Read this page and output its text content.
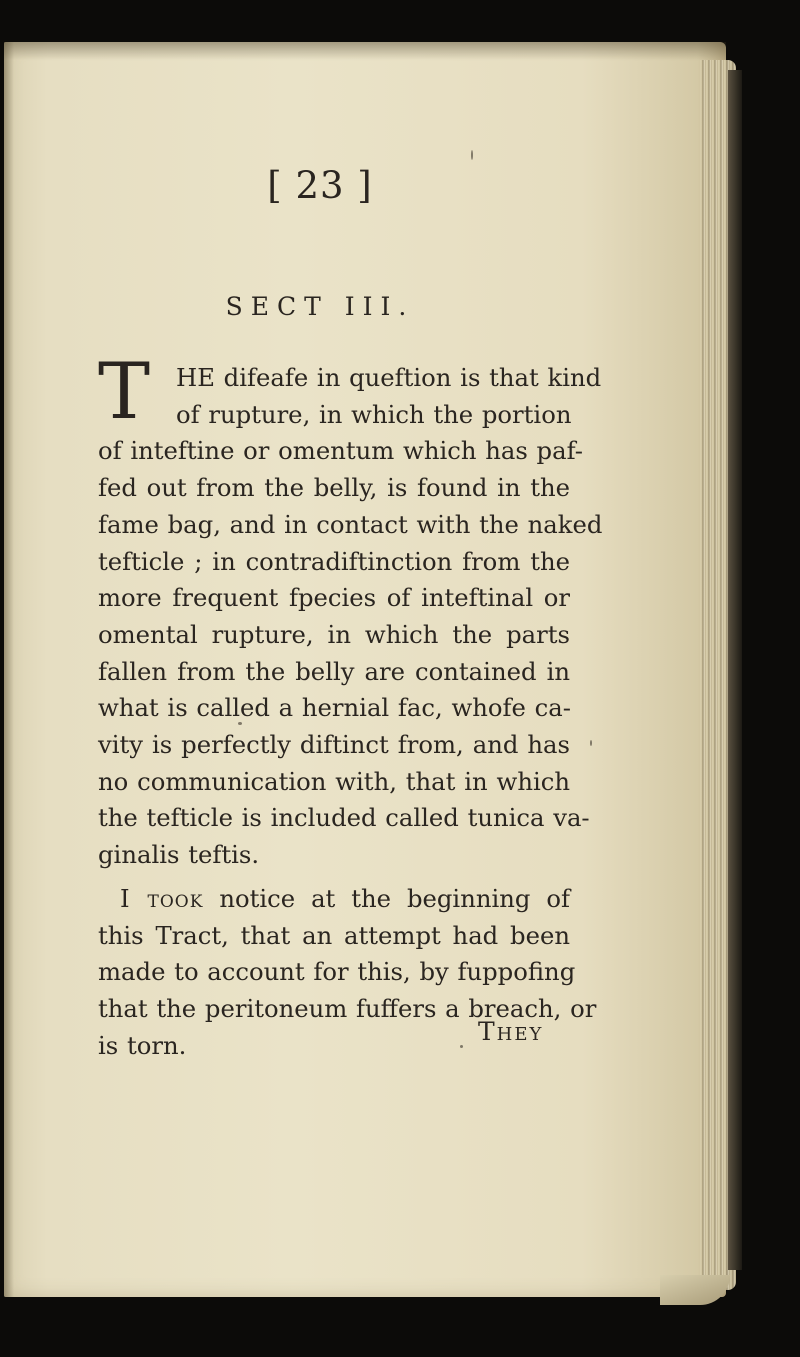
[ 23 ]
SECT III.
T	HE difeafe in queftion is that kind
of rupture, in which the portion
of inteftine or omentum which has paf-
fed out from the belly, is found in the
fame bag, and in contact with the naked
tefticle ; in contradiftinction from the
more frequent fpecies of inteftinal or
omental rupture, in which the parts
fallen from the belly are contained in
what is called a hernial fac, whofe ca-
vity is perfectly diftinct from, and has
no communication with, that in which
the tefticle is included called tunica va-
ginalis teftis.
I took notice at the beginning of
this Tract, that an attempt had been
made to account for this, by fuppofing
that the peritoneum fuffers a breach, or
is torn.	They
